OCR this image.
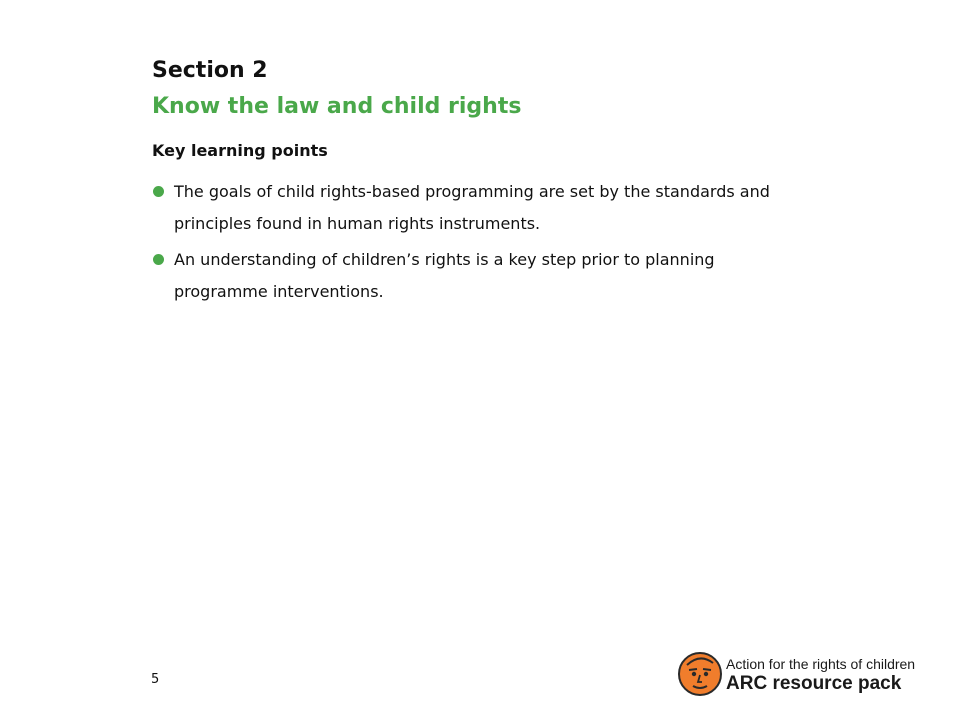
Section 2
Know the law and child rights
Key learning points
The goals of child rights-based programming are set by the standards and
principles found in human rights instruments.
An understanding of children’s rights is a key step prior to planning
programme interventions.
5
Action for the rights of children
ARC resource pack
